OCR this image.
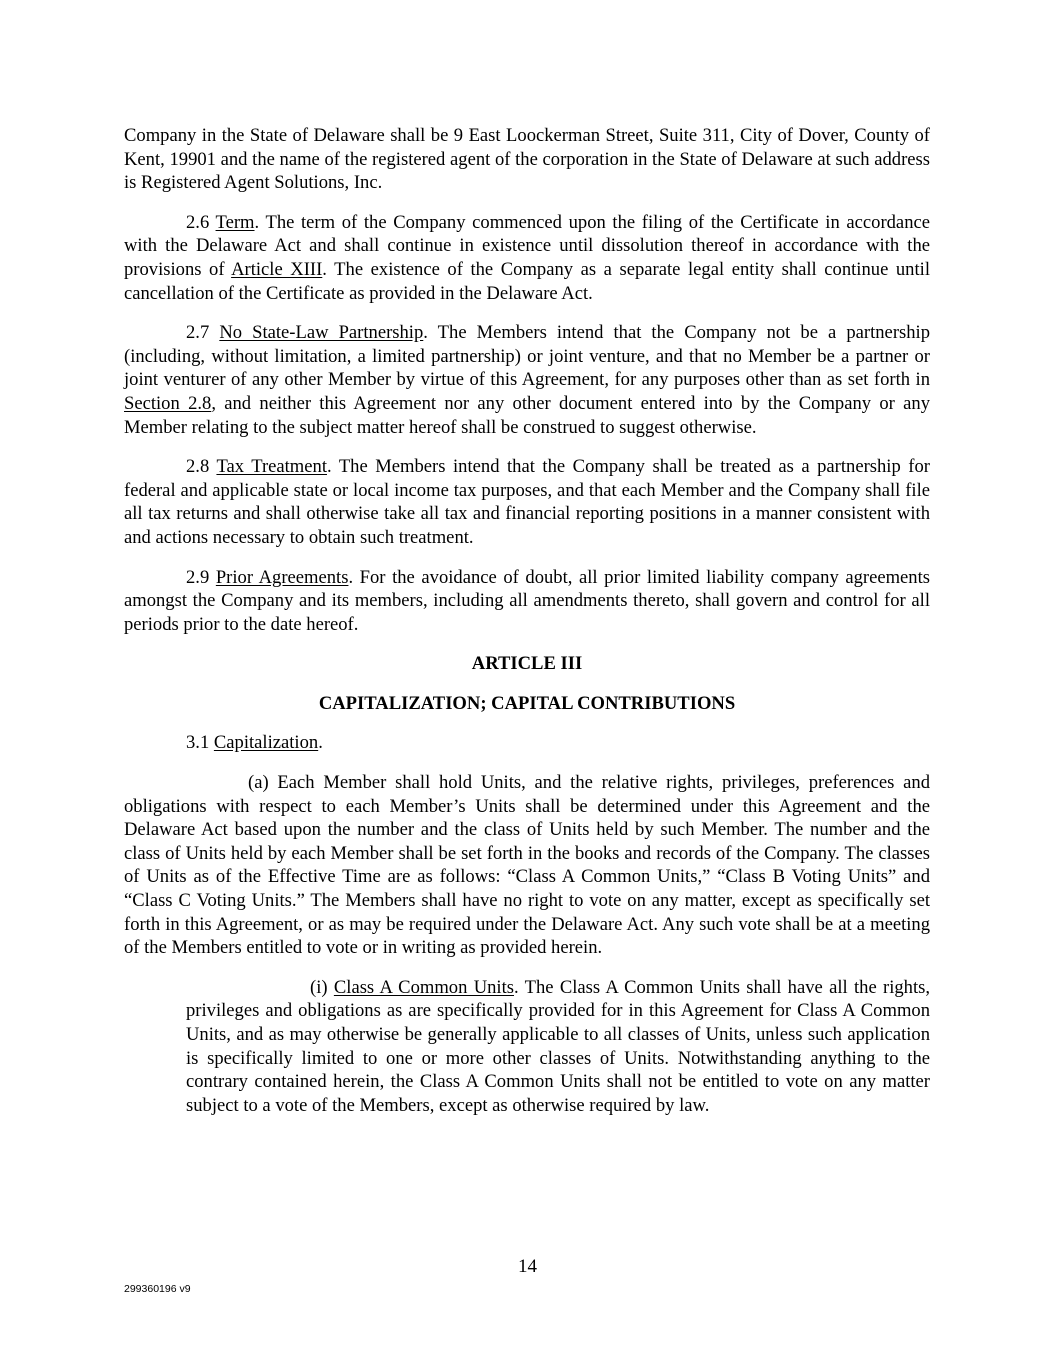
Company in the State of Delaware shall be 9 East Loockerman Street, Suite 311, City of Dover, County of Kent, 19901 and the name of the registered agent of the corporation in the State of Delaware at such address is Registered Agent Solutions, Inc.

2.6 Term. The term of the Company commenced upon the filing of the Certificate in accordance with the Delaware Act and shall continue in existence until dissolution thereof in accordance with the provisions of Article XIII. The existence of the Company as a separate legal entity shall continue until cancellation of the Certificate as provided in the Delaware Act.

2.7 No State-Law Partnership. The Members intend that the Company not be a partnership (including, without limitation, a limited partnership) or joint venture, and that no Member be a partner or joint venturer of any other Member by virtue of this Agreement, for any purposes other than as set forth in Section 2.8, and neither this Agreement nor any other document entered into by the Company or any Member relating to the subject matter hereof shall be construed to suggest otherwise.

2.8 Tax Treatment. The Members intend that the Company shall be treated as a partnership for federal and applicable state or local income tax purposes, and that each Member and the Company shall file all tax returns and shall otherwise take all tax and financial reporting positions in a manner consistent with and actions necessary to obtain such treatment.

2.9 Prior Agreements. For the avoidance of doubt, all prior limited liability company agreements amongst the Company and its members, including all amendments thereto, shall govern and control for all periods prior to the date hereof.

ARTICLE III

CAPITALIZATION; CAPITAL CONTRIBUTIONS

3.1 Capitalization.

(a) Each Member shall hold Units, and the relative rights, privileges, preferences and obligations with respect to each Member’s Units shall be determined under this Agreement and the Delaware Act based upon the number and the class of Units held by such Member. The number and the class of Units held by each Member shall be set forth in the books and records of the Company. The classes of Units as of the Effective Time are as follows: “Class A Common Units,” “Class B Voting Units” and “Class C Voting Units.” The Members shall have no right to vote on any matter, except as specifically set forth in this Agreement, or as may be required under the Delaware Act. Any such vote shall be at a meeting of the Members entitled to vote or in writing as provided herein.

(i) Class A Common Units. The Class A Common Units shall have all the rights, privileges and obligations as are specifically provided for in this Agreement for Class A Common Units, and as may otherwise be generally applicable to all classes of Units, unless such application is specifically limited to one or more other classes of Units. Notwithstanding anything to the contrary contained herein, the Class A Common Units shall not be entitled to vote on any matter subject to a vote of the Members, except as otherwise required by law.

14
299360196 v9
